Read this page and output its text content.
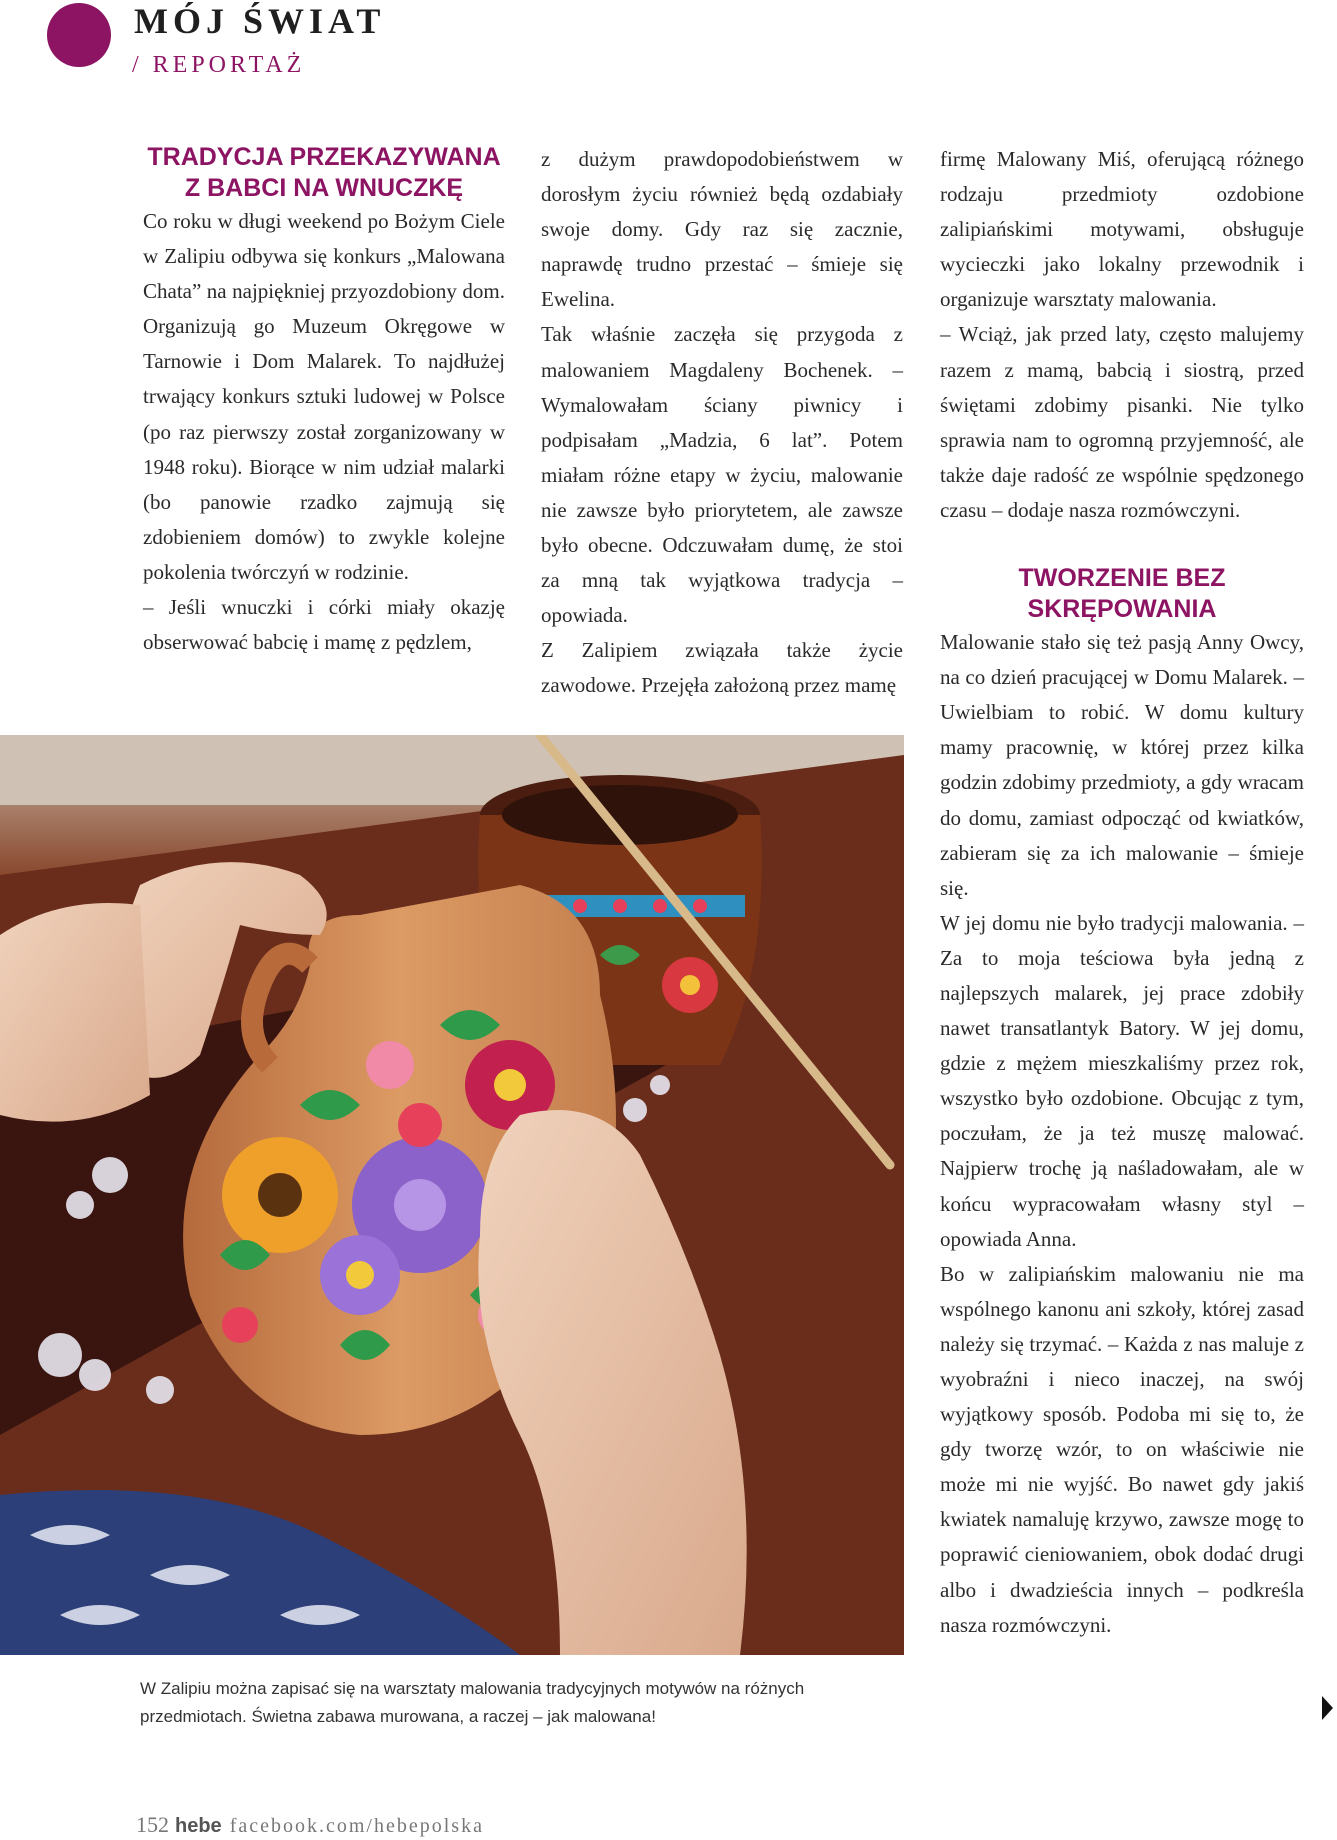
MÓJ ŚWIAT
/ REPORTAŻ
TRADYCJA PRZEKAZYWANA Z BABCI NA WNUCZKĘ

Co roku w długi weekend po Bożym Ciele w Zalipiu odbywa się konkurs „Malowana Chata” na najpiękniej przyozdobiony dom. Organizują go Muzeum Okręgowe w Tarnowie i Dom Malarek. To najdłużej trwający konkurs sztuki ludowej w Polsce (po raz pierwszy został zorganizowany w 1948 roku). Biorące w nim udział malarki (bo panowie rzadko zajmują się zdobieniem domów) to zwykle kolejne pokolenia twórczyń w rodzinie.

– Jeśli wnuczki i córki miały okazję obserwować babcię i mamę z pędzlem,

z dużym prawdopodobieństwem w dorosłym życiu również będą ozdabiały swoje domy. Gdy raz się zacznie, naprawdę trudno przestać – śmieje się Ewelina.

Tak właśnie zaczęła się przygoda z malowaniem Magdaleny Bochenek. – Wymalowałam ściany piwnicy i podpisałam „Madzia, 6 lat”. Potem miałam różne etapy w życiu, malowanie nie zawsze było priorytetem, ale zawsze było obecne. Odczuwałam dumę, że stoi za mną tak wyjątkowa tradycja – opowiada.

Z Zalipiem związała także życie zawodowe. Przejęła założoną przez mamę

firmę Malowany Miś, oferującą różnego rodzaju przedmioty ozdobione zalipiańskimi motywami, obsługuje wycieczki jako lokalny przewodnik i organizuje warsztaty malowania.

– Wciąż, jak przed laty, często malujemy razem z mamą, babcią i siostrą, przed świętami zdobimy pisanki. Nie tylko sprawia nam to ogromną przyjemność, ale także daje radość ze wspólnie spędzonego czasu – dodaje nasza rozmówczyni.

TWORZENIE BEZ SKRĘPOWANIA

Malowanie stało się też pasją Anny Owcy, na co dzień pracującej w Domu Malarek. – Uwielbiam to robić. W domu kultury mamy pracownię, w której przez kilka godzin zdobimy przedmioty, a gdy wracam do domu, zamiast odpocząć od kwiatków, zabieram się za ich malowanie – śmieje się.

W jej domu nie było tradycji malowania. – Za to moja teściowa była jedną z najlepszych malarek, jej prace zdobiły nawet transatlantyk Batory. W jej domu, gdzie z mężem mieszkaliśmy przez rok, wszystko było ozdobione. Obcując z tym, poczułam, że ja też muszę malować. Najpierw trochę ją naśladowałam, ale w końcu wypracowałam własny styl – opowiada Anna.

Bo w zalipiańskim malowaniu nie ma wspólnego kanonu ani szkoły, której zasad należy się trzymać. – Każda z nas maluje z wyobraźni i nieco inaczej, na swój wyjątkowy sposób. Podoba mi się to, że gdy tworzę wzór, to on właściwie nie może mi nie wyjść. Bo nawet gdy jakiś kwiatek namaluję krzywo, zawsze mogę to poprawić cieniowaniem, obok dodać drugi albo i dwadzieścia innych – podkreśla nasza rozmówczyni.

W Zalipiu można zapisać się na warsztaty malowania tradycyjnych motywów na różnych przedmiotach. Świetna zabawa murowana, a raczej – jak malowana!
152 hebe facebook.com/hebepolska
